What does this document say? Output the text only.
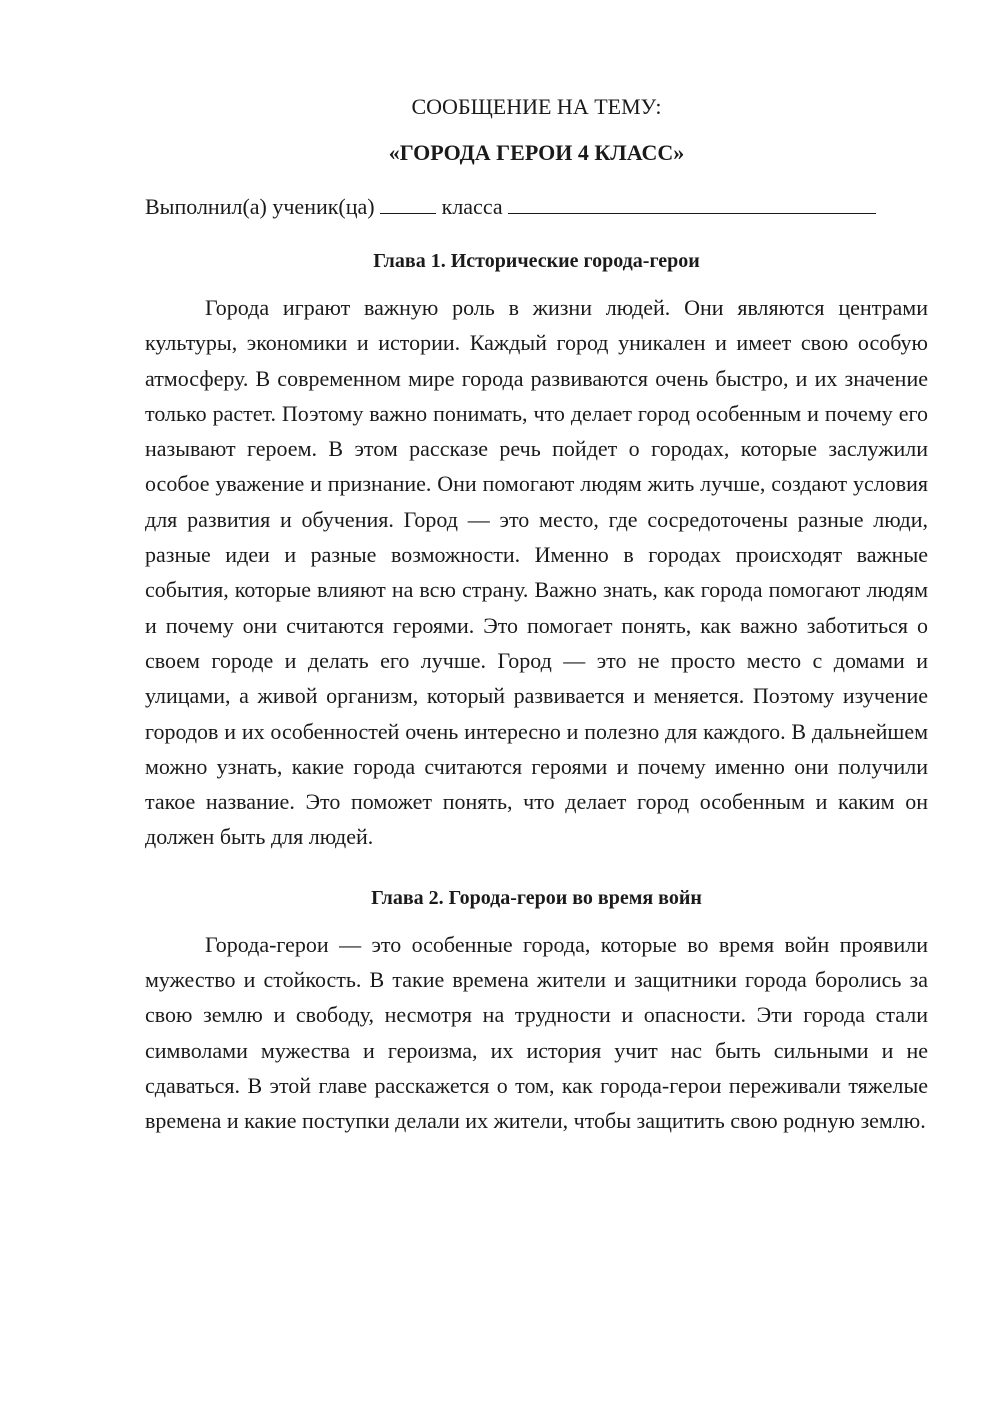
СООБЩЕНИЕ НА ТЕМУ:

«ГОРОДА ГЕРОИ 4 КЛАСС»

Выполнил(а) ученик(ца)	класса

Глава 1. Исторические города-герои

Города играют важную роль в жизни людей. Они являются центрами культуры, экономики и истории. Каждый город уникален и имеет свою особую атмосферу. В современном мире города развиваются очень быстро, и их значение только растет. Поэтому важно понимать, что делает город особенным и почему его называют героем. В этом рассказе речь пойдет о городах, которые заслужили особое уважение и признание. Они помогают людям жить лучше, создают условия для развития и обучения. Город — это место, где сосредоточены разные люди, разные идеи и разные возможности. Именно в городах происходят важные события, которые влияют на всю страну. Важно знать, как города помогают людям и почему они считаются героями. Это помогает понять, как важно заботиться о своем городе и делать его лучше. Город — это не просто место с домами и улицами, а живой организм, который развивается и меняется. Поэтому изучение городов и их особенностей очень интересно и полезно для каждого. В дальнейшем можно узнать, какие города считаются героями и почему именно они получили такое название. Это поможет понять, что делает город особенным и каким он должен быть для людей.

Глава 2. Города-герои во время войн

Города-герои — это особенные города, которые во время войн проявили мужество и стойкость. В такие времена жители и защитники города боролись за свою землю и свободу, несмотря на трудности и опасности. Эти города стали символами мужества и героизма, их история учит нас быть сильными и не сдаваться. В этой главе расскажется о том, как города-герои переживали тяжелые времена и какие поступки делали их жители, чтобы защитить свою родную землю.
